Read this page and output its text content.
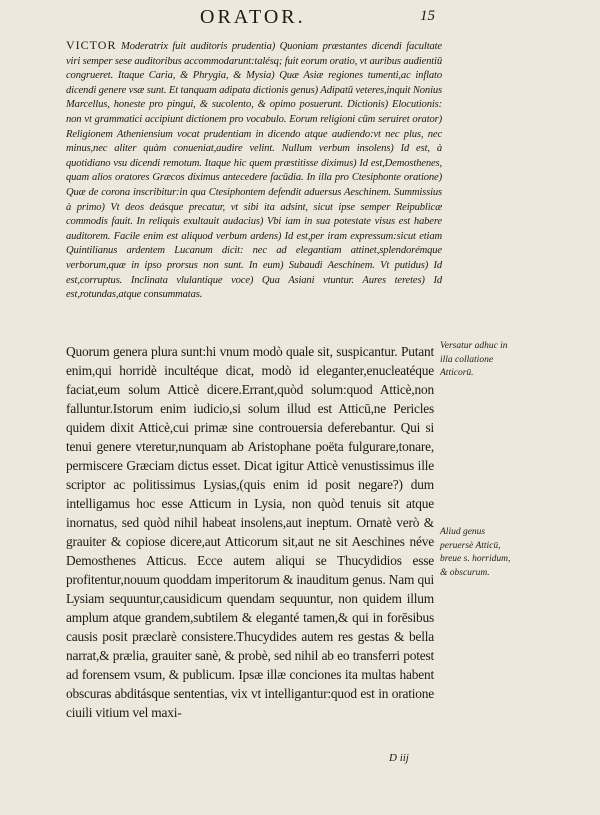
ORATOR.	15

VICTOR Moderatrix fuit auditoris prudentia) Quoniam præstantes dicendi facultate viri semper sese auditoribus accommodarunt:talésq; fuit eorum oratio, vt auribus audientiū congrueret. Itaque Caria, & Phrygia, & Mysia) Quæ Asiæ regiones tumenti,ac inflato dicendi genere vsæ sunt. Et tanquam adipata dictionis genus) Adipatū veteres,inquit Nonius Marcellus, honeste pro pingui, & sucolento, & opimo posuerunt. Dictionis) Elocutionis: non vt grammatici accipiunt dictionem pro vocabulo. Eorum religioni cūm seruiret orator) Religionem Atheniensium vocat prudentiam in dicendo atque audiendo:vt nec plus, nec minus,nec aliter quàm conueniat,audire velint. Nullum verbum insolens) Id est, à quotidiano vsu dicendi remotum. Itaque hic quem præstitisse diximus) Id est,Demosthenes, quam alios oratores Græcos diximus antecedere facūdia. In illa pro Ctesiphonte oratione) Quæ de corona inscribitur:in qua Ctesiphontem defendit aduersus Aeschinem. Summissius à primo) Vt deos deásque precatur, vt sibi ita adsint, sicut ipse semper Reipublicæ commodis fauit. In reliquis exultauit audacius) Vbi iam in sua potestate visus est habere auditorem. Facile enim est aliquod verbum ardens) Id est,per iram expressum:sicut etiam Quintilianus ardentem Lucanum dicit: nec ad elegantiam attinet,splendorémque verborum,quæ in ipso prorsus non sunt. In eum) Subaudi Aeschinem. Vt putidus) Id est,corruptus. Inclinata vlulantique voce) Qua Asiani vtuntur. Aures teretes) Id est,rotundas,atque consummatas.

Quorum genera plura sunt:hi vnum modò quale sit, suspicantur. Putant enim,qui horridè incultéque dicat, modò id eleganter,enucleatéque faciat,eum solum Atticè dicere.Errant,quòd solum:quod Atticè,non falluntur.Istorum enim iudicio,si solum illud est Atticū,ne Pericles quidem dixit Atticè,cui primæ sine controuersia deferebantur. Qui si tenui genere vteretur,nunquam ab Aristophane poëta fulgurare,tonare, permiscere Græciam dictus esset. Dicat igitur Atticè venustissimus ille scriptor ac politissimus Lysias,(quis enim id posit negare?) dum intelligamus hoc esse Atticum in Lysia, non quòd tenuis sit atque inornatus, sed quòd nihil habeat insolens,aut ineptum. Ornatè verò & grauiter & copiose dicere,aut Atticorum sit,aut ne sit Aeschines néve Demosthenes Atticus. Ecce autem aliqui se Thucydidios esse profitentur,nouum quoddam imperitorum & inauditum genus. Nam qui Lysiam sequuntur,causidicum quendam sequuntur, non quidem illum amplum atque grandem,subtilem & eleganté tamen,& qui in forēsibus causis posit præclarè consistere.Thucydides autem res gestas & bella narrat,& prælia, grauiter sanè, & probè, sed nihil ab eo transferri potest ad forensem vsum, & publicum. Ipsæ illæ conciones ita multas habent obscuras abditásque sententias, vix vt intelligantur:quod est in oratione ciuili vitium vel maxi-

Versatur adhuc in illa collatione Atticorū.
Aliud genus peruersè Atticū, breue s. horridum, & obscurum.
D iij
